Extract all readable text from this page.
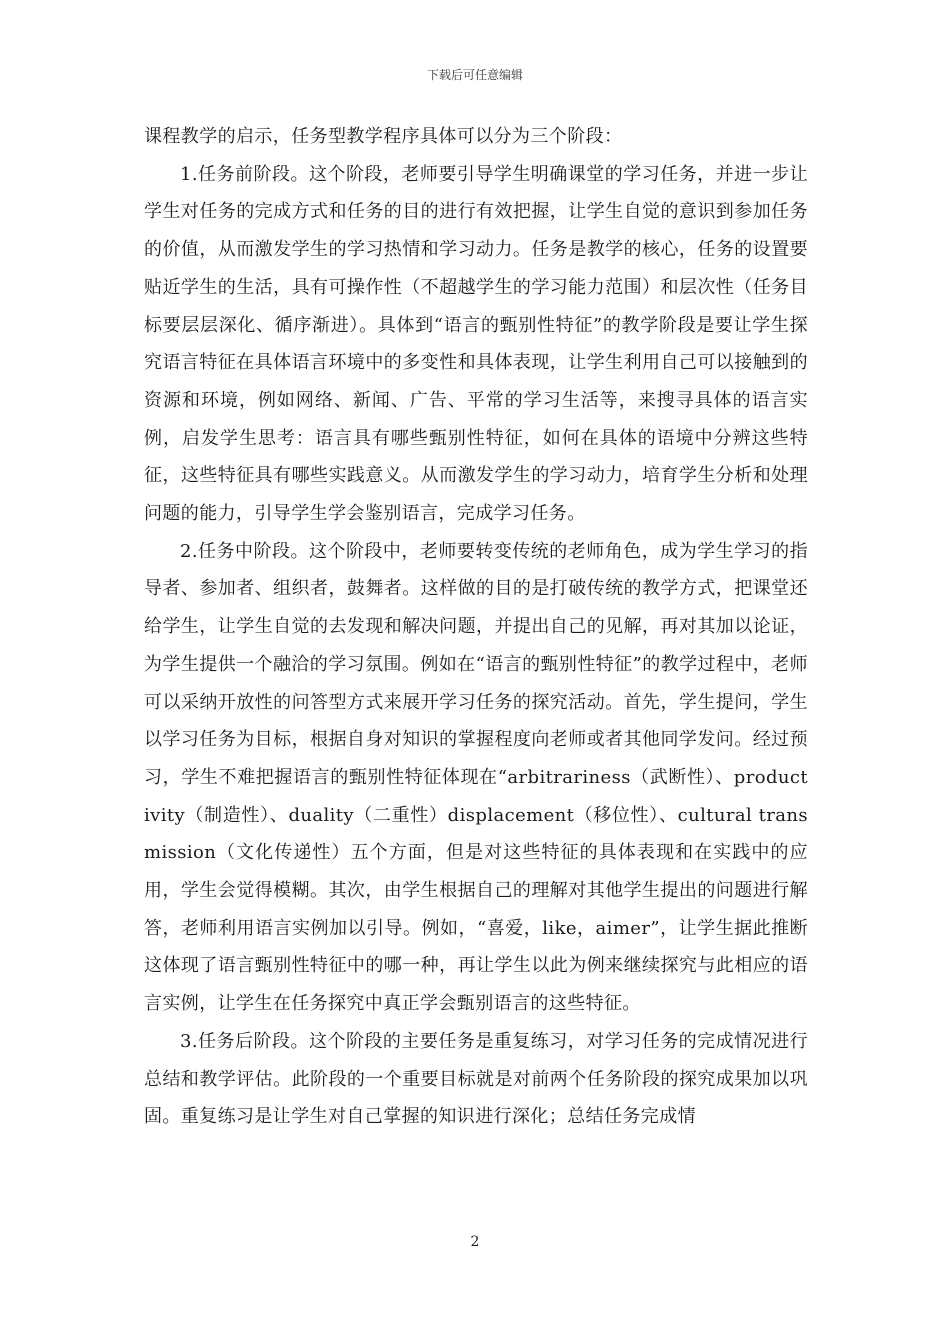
下载后可任意编辑

课程教学的启示，任务型教学程序具体可以分为三个阶段：

1.任务前阶段。这个阶段，老师要引导学生明确课堂的学习任务，并进一步让学生对任务的完成方式和任务的目的进行有效把握，让学生自觉的意识到参加任务的价值，从而激发学生的学习热情和学习动力。任务是教学的核心，任务的设置要贴近学生的生活，具有可操作性（不超越学生的学习能力范围）和层次性（任务目标要层层深化、循序渐进）。具体到“语言的甄别性特征”的教学阶段是要让学生探究语言特征在具体语言环境中的多变性和具体表现，让学生利用自己可以接触到的资源和环境，例如网络、新闻、广告、平常的学习生活等，来搜寻具体的语言实例，启发学生思考：语言具有哪些甄别性特征，如何在具体的语境中分辨这些特征，这些特征具有哪些实践意义。从而激发学生的学习动力，培育学生分析和处理问题的能力，引导学生学会鉴别语言，完成学习任务。

2.任务中阶段。这个阶段中，老师要转变传统的老师角色，成为学生学习的指导者、参加者、组织者，鼓舞者。这样做的目的是打破传统的教学方式，把课堂还给学生，让学生自觉的去发现和解决问题，并提出自己的见解，再对其加以论证，为学生提供一个融洽的学习氛围。例如在“语言的甄别性特征”的教学过程中，老师可以采纳开放性的问答型方式来展开学习任务的探究活动。首先，学生提问，学生以学习任务为目标，根据自身对知识的掌握程度向老师或者其他同学发问。经过预习，学生不难把握语言的甄别性特征体现在“arbitrariness（武断性）、productivity（制造性）、duality（二重性）displacement（移位性）、cultural transmission（文化传递性）五个方面，但是对这些特征的具体表现和在实践中的应用，学生会觉得模糊。其次，由学生根据自己的理解对其他学生提出的问题进行解答，老师利用语言实例加以引导。例如，“喜爱，like，aimer”，让学生据此推断这体现了语言甄别性特征中的哪一种，再让学生以此为例来继续探究与此相应的语言实例，让学生在任务探究中真正学会甄别语言的这些特征。

3.任务后阶段。这个阶段的主要任务是重复练习，对学习任务的完成情况进行总结和教学评估。此阶段的一个重要目标就是对前两个任务阶段的探究成果加以巩固。重复练习是让学生对自己掌握的知识进行深化；总结任务完成情

2
